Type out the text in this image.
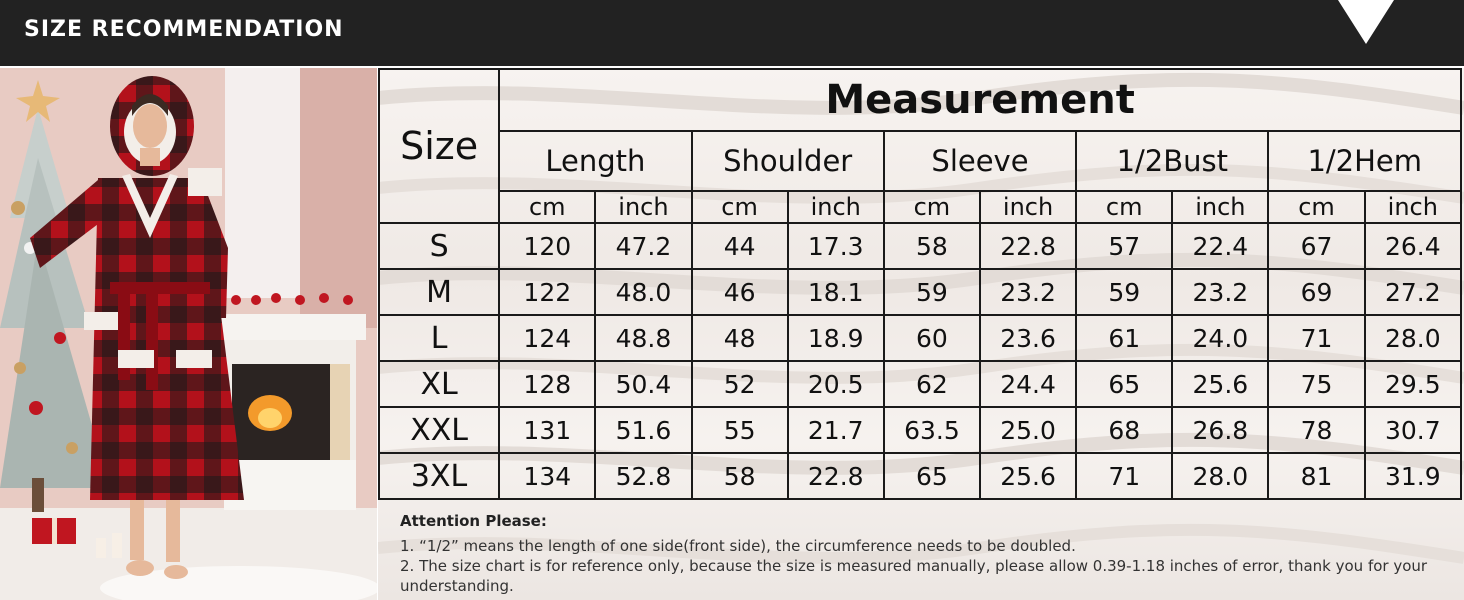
SIZE RECOMMENDATION
Size	Measurement									
	Length		Shoulder		Sleeve		1/2Bust		1/2Hem	
	cm	inch	cm	inch	cm	inch	cm	inch	cm	inch
S	120	47.2	44	17.3	58	22.8	57	22.4	67	26.4
M	122	48.0	46	18.1	59	23.2	59	23.2	69	27.2
L	124	48.8	48	18.9	60	23.6	61	24.0	71	28.0
XL	128	50.4	52	20.5	62	24.4	65	25.6	75	29.5
XXL	131	51.6	55	21.7	63.5	25.0	68	26.8	78	30.7
3XL	134	52.8	58	22.8	65	25.6	71	28.0	81	31.9
Attention Please:
1. “1/2” means the length of one side(front side), the circumference needs to be doubled.
2. The size chart is for reference only, because the size is measured manually, please allow 0.39-1.18 inches of error, thank you for your
understanding.
